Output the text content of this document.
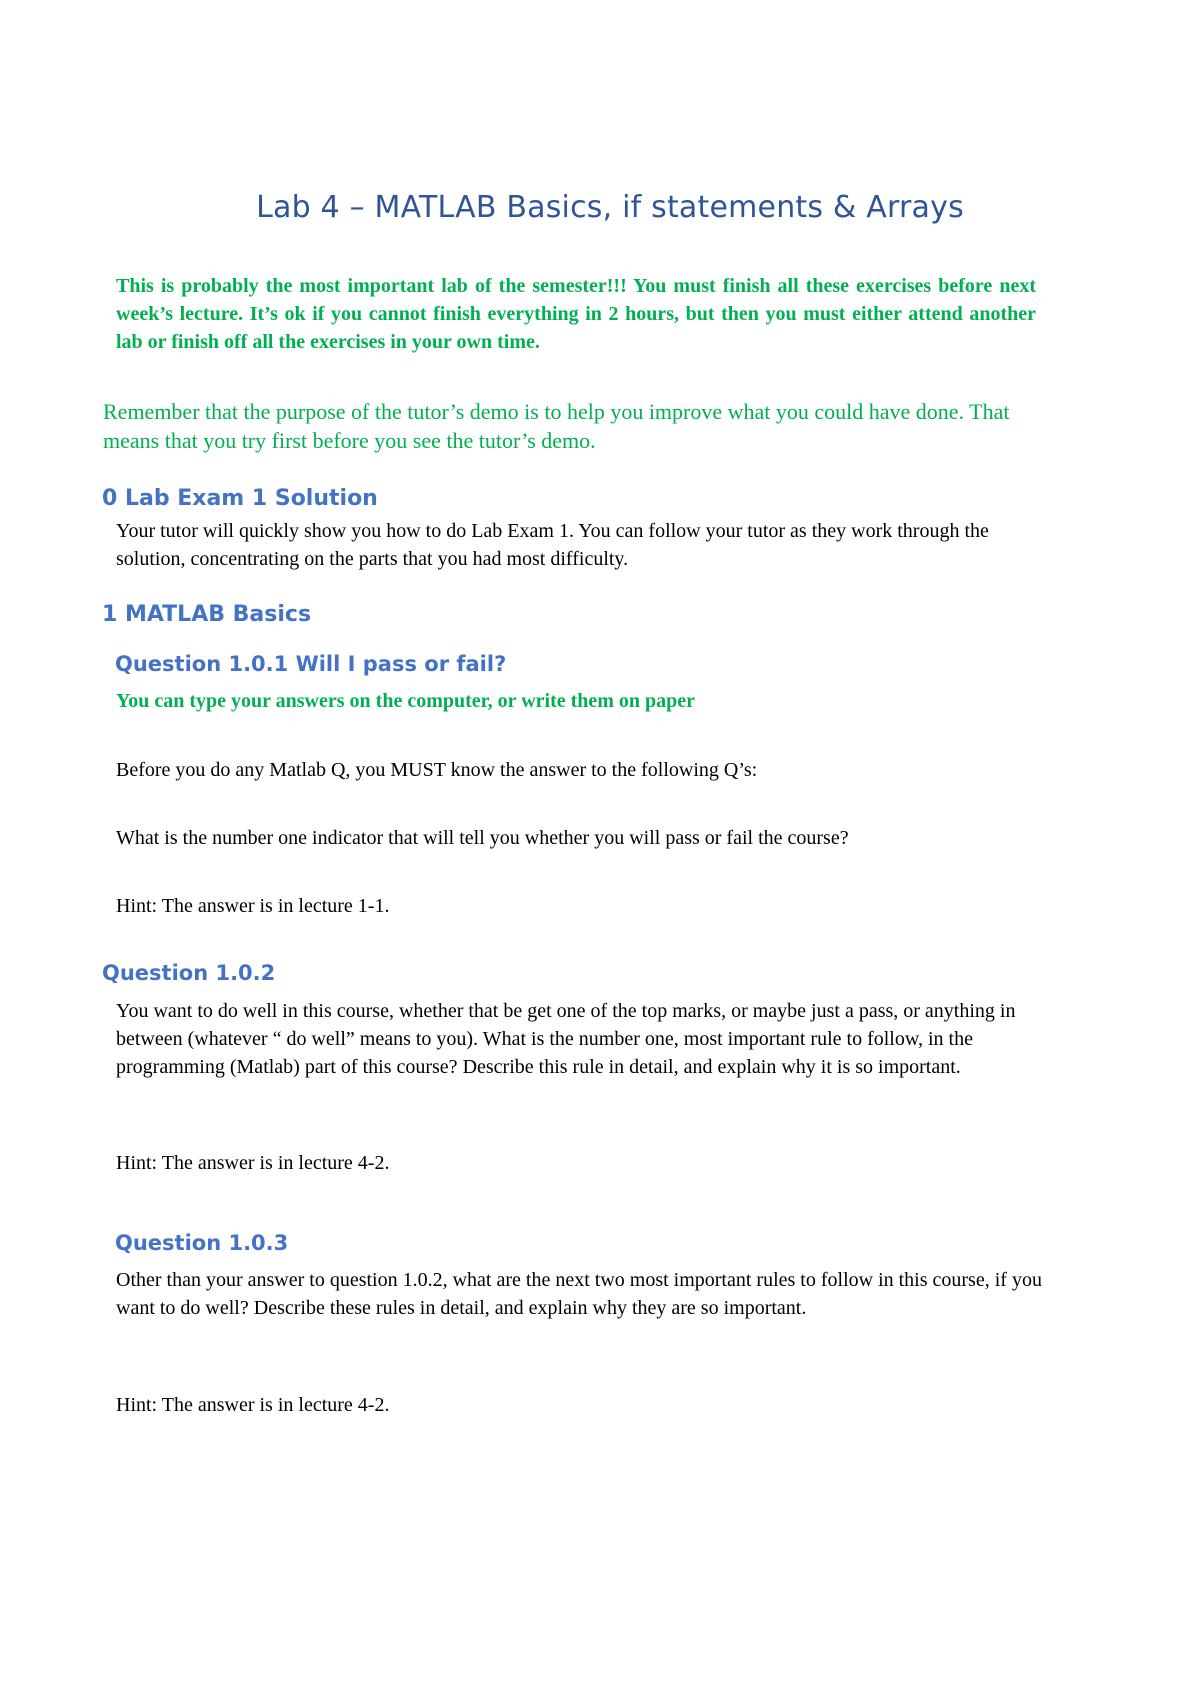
Lab 4 – MATLAB Basics, if statements & Arrays
This is probably the most important lab of the semester!!! You must finish all these exercises before next week’s lecture. It’s ok if you cannot finish everything in 2 hours, but then you must either attend another lab or finish off all the exercises in your own time.
Remember that the purpose of the tutor’s demo is to help you improve what you could have done. That means that you try first before you see the tutor’s demo.
0 Lab Exam 1 Solution
Your tutor will quickly show you how to do Lab Exam 1. You can follow your tutor as they work through the solution, concentrating on the parts that you had most difficulty.
1 MATLAB Basics
Question 1.0.1 Will I pass or fail?
You can type your answers on the computer, or write them on paper
Before you do any Matlab Q, you MUST know the answer to the following Q’s:
What is the number one indicator that will tell you whether you will pass or fail the course?
Hint: The answer is in lecture 1-1.
Question 1.0.2
You want to do well in this course, whether that be get one of the top marks, or maybe just a pass, or anything in between (whatever “ do well” means to you). What is the number one, most important rule to follow, in the programming (Matlab) part of this course? Describe this rule in detail, and explain why it is so important.
Hint: The answer is in lecture 4-2.
Question 1.0.3
Other than your answer to question 1.0.2, what are the next two most important rules to follow in this course, if you want to do well? Describe these rules in detail, and explain why they are so important.
Hint: The answer is in lecture 4-2.
